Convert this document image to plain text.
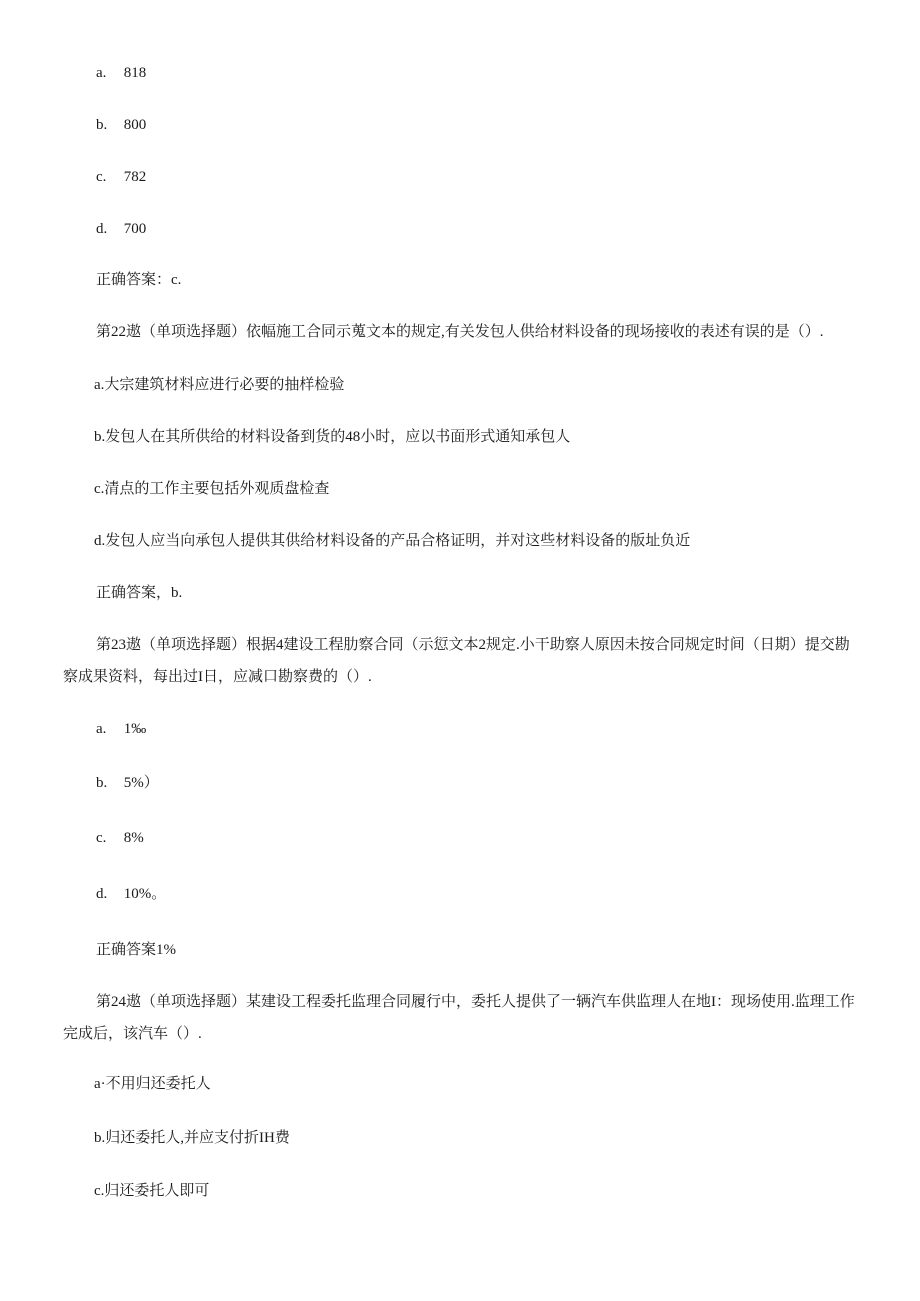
a. 818
b. 800
c. 782
d. 700
正确答案：c.
第22遨（单项选择题）依幅施工合同示蒐文本的规定,有关发包人供给材料设备的现场接收的表述有误的是（）.
a.大宗建筑材料应进行必要的抽样检验
b.发包人在其所供给的材料设备到货的48小时，应以书面形式通知承包人
c.清点的工作主要包括外观质盘检查
d.发包人应当向承包人提供其供给材料设备的产品合格证明，并对这些材料设备的版址负近
正确答案，b.
第23遨（单项选择题）根据4建设工程肋察合同（示愆文本2规定.小干助察人原因未按合同规定时间（日期）提交勘察成果资料，每出过I日，应减口勘察费的（）.
a. 1‰
b. 5%）
c. 8%
d. 10%。
正确答案1%
第24遨（单项选择题）某建设工程委托监理合同履行中，委托人提供了一辆汽车供监理人在地I：现场使用.监理工作完成后，该汽车（）.
a·不用归还委托人
b.归还委托人,并应支付折IH费
c.归还委托人即可
